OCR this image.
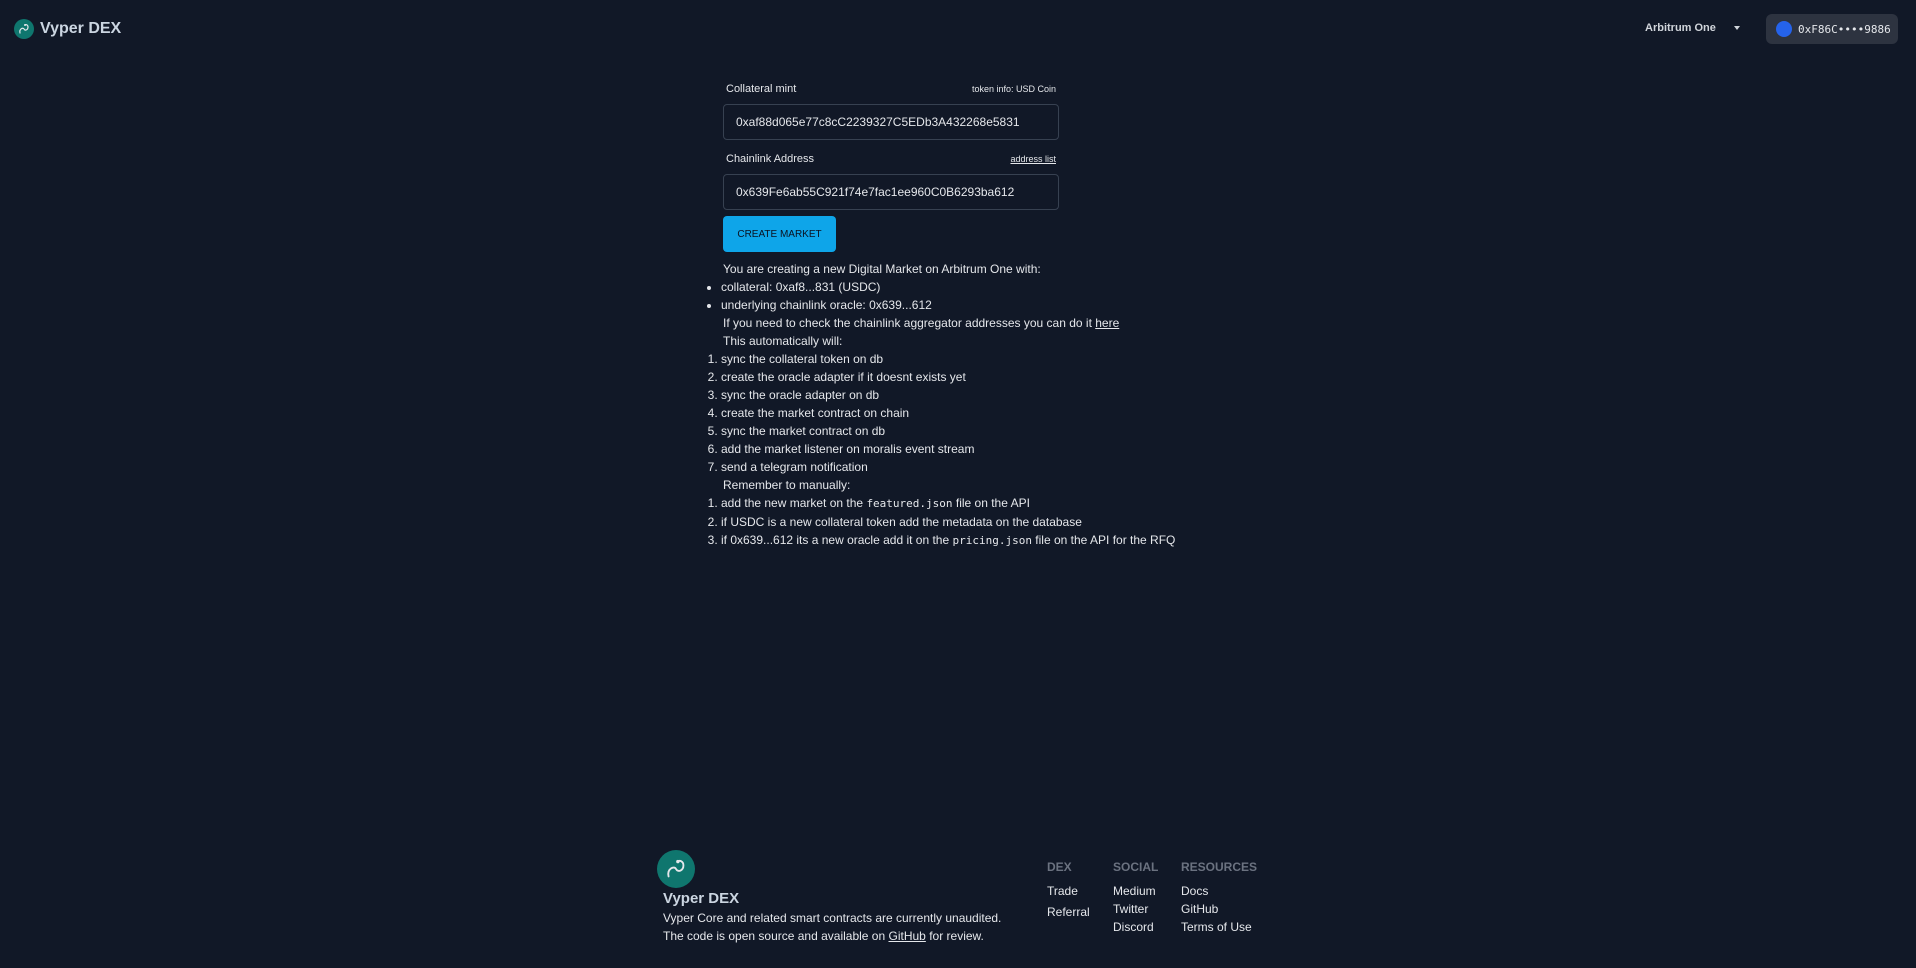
Vyper DEX	Arbitrum One	0xF86C••••9886
Collateral mint	token info: USD Coin
0xaf88d065e77c8cC2239327C5EDb3A432268e5831
Chainlink Address	address list
0x639Fe6ab55C921f74e7fac1ee960C0B6293ba612
CREATE MARKET

You are creating a new Digital Market on Arbitrum One with:

• collateral: 0xaf8...831 (USDC)
• underlying chainlink oracle: 0x639...612

If you need to check the chainlink aggregator addresses you can do it here

This automatically will:

1. sync the collateral token on db
2. create the oracle adapter if it doesnt exists yet
3. sync the oracle adapter on db
4. create the market contract on chain
5. sync the market contract on db
6. add the market listener on moralis event stream
7. send a telegram notification

Remember to manually:

1. add the new market on the featured.json file on the API
2. if USDC is a new collateral token add the metadata on the database
3. if 0x639...612 its a new oracle add it on the pricing.json file on the API for the RFQ
Vyper DEX
Vyper Core and related smart contracts are currently unaudited.
The code is open source and available on GitHub for review.
DEX
Trade
Referral
SOCIAL
Medium
Twitter
Discord
RESOURCES
Docs
GitHub
Terms of Use
